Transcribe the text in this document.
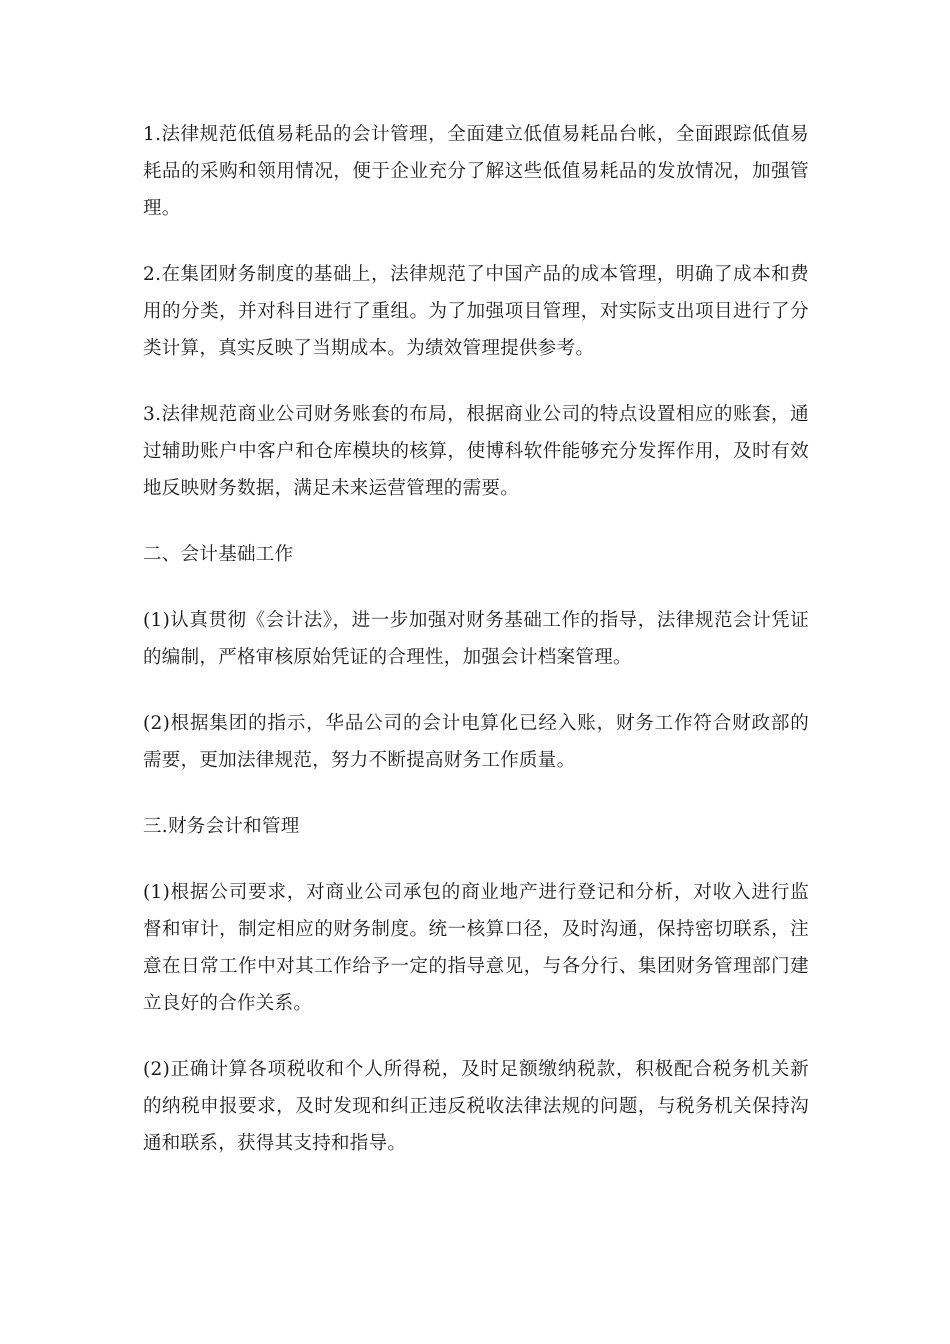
1.法律规范低值易耗品的会计管理，全面建立低值易耗品台帐，全面跟踪低值易耗品的采购和领用情况，便于企业充分了解这些低值易耗品的发放情况，加强管理。

2.在集团财务制度的基础上，法律规范了中国产品的成本管理，明确了成本和费用的分类，并对科目进行了重组。为了加强项目管理，对实际支出项目进行了分类计算，真实反映了当期成本。为绩效管理提供参考。

3.法律规范商业公司财务账套的布局，根据商业公司的特点设置相应的账套，通过辅助账户中客户和仓库模块的核算，使博科软件能够充分发挥作用，及时有效地反映财务数据，满足未来运营管理的需要。

二、会计基础工作

(1)认真贯彻《会计法》，进一步加强对财务基础工作的指导，法律规范会计凭证的编制，严格审核原始凭证的合理性，加强会计档案管理。

(2)根据集团的指示，华品公司的会计电算化已经入账，财务工作符合财政部的需要，更加法律规范，努力不断提高财务工作质量。

三.财务会计和管理

(1)根据公司要求，对商业公司承包的商业地产进行登记和分析，对收入进行监督和审计，制定相应的财务制度。统一核算口径，及时沟通，保持密切联系，注意在日常工作中对其工作给予一定的指导意见，与各分行、集团财务管理部门建立良好的合作关系。

(2)正确计算各项税收和个人所得税，及时足额缴纳税款，积极配合税务机关新的纳税申报要求，及时发现和纠正违反税收法律法规的问题，与税务机关保持沟通和联系，获得其支持和指导。
